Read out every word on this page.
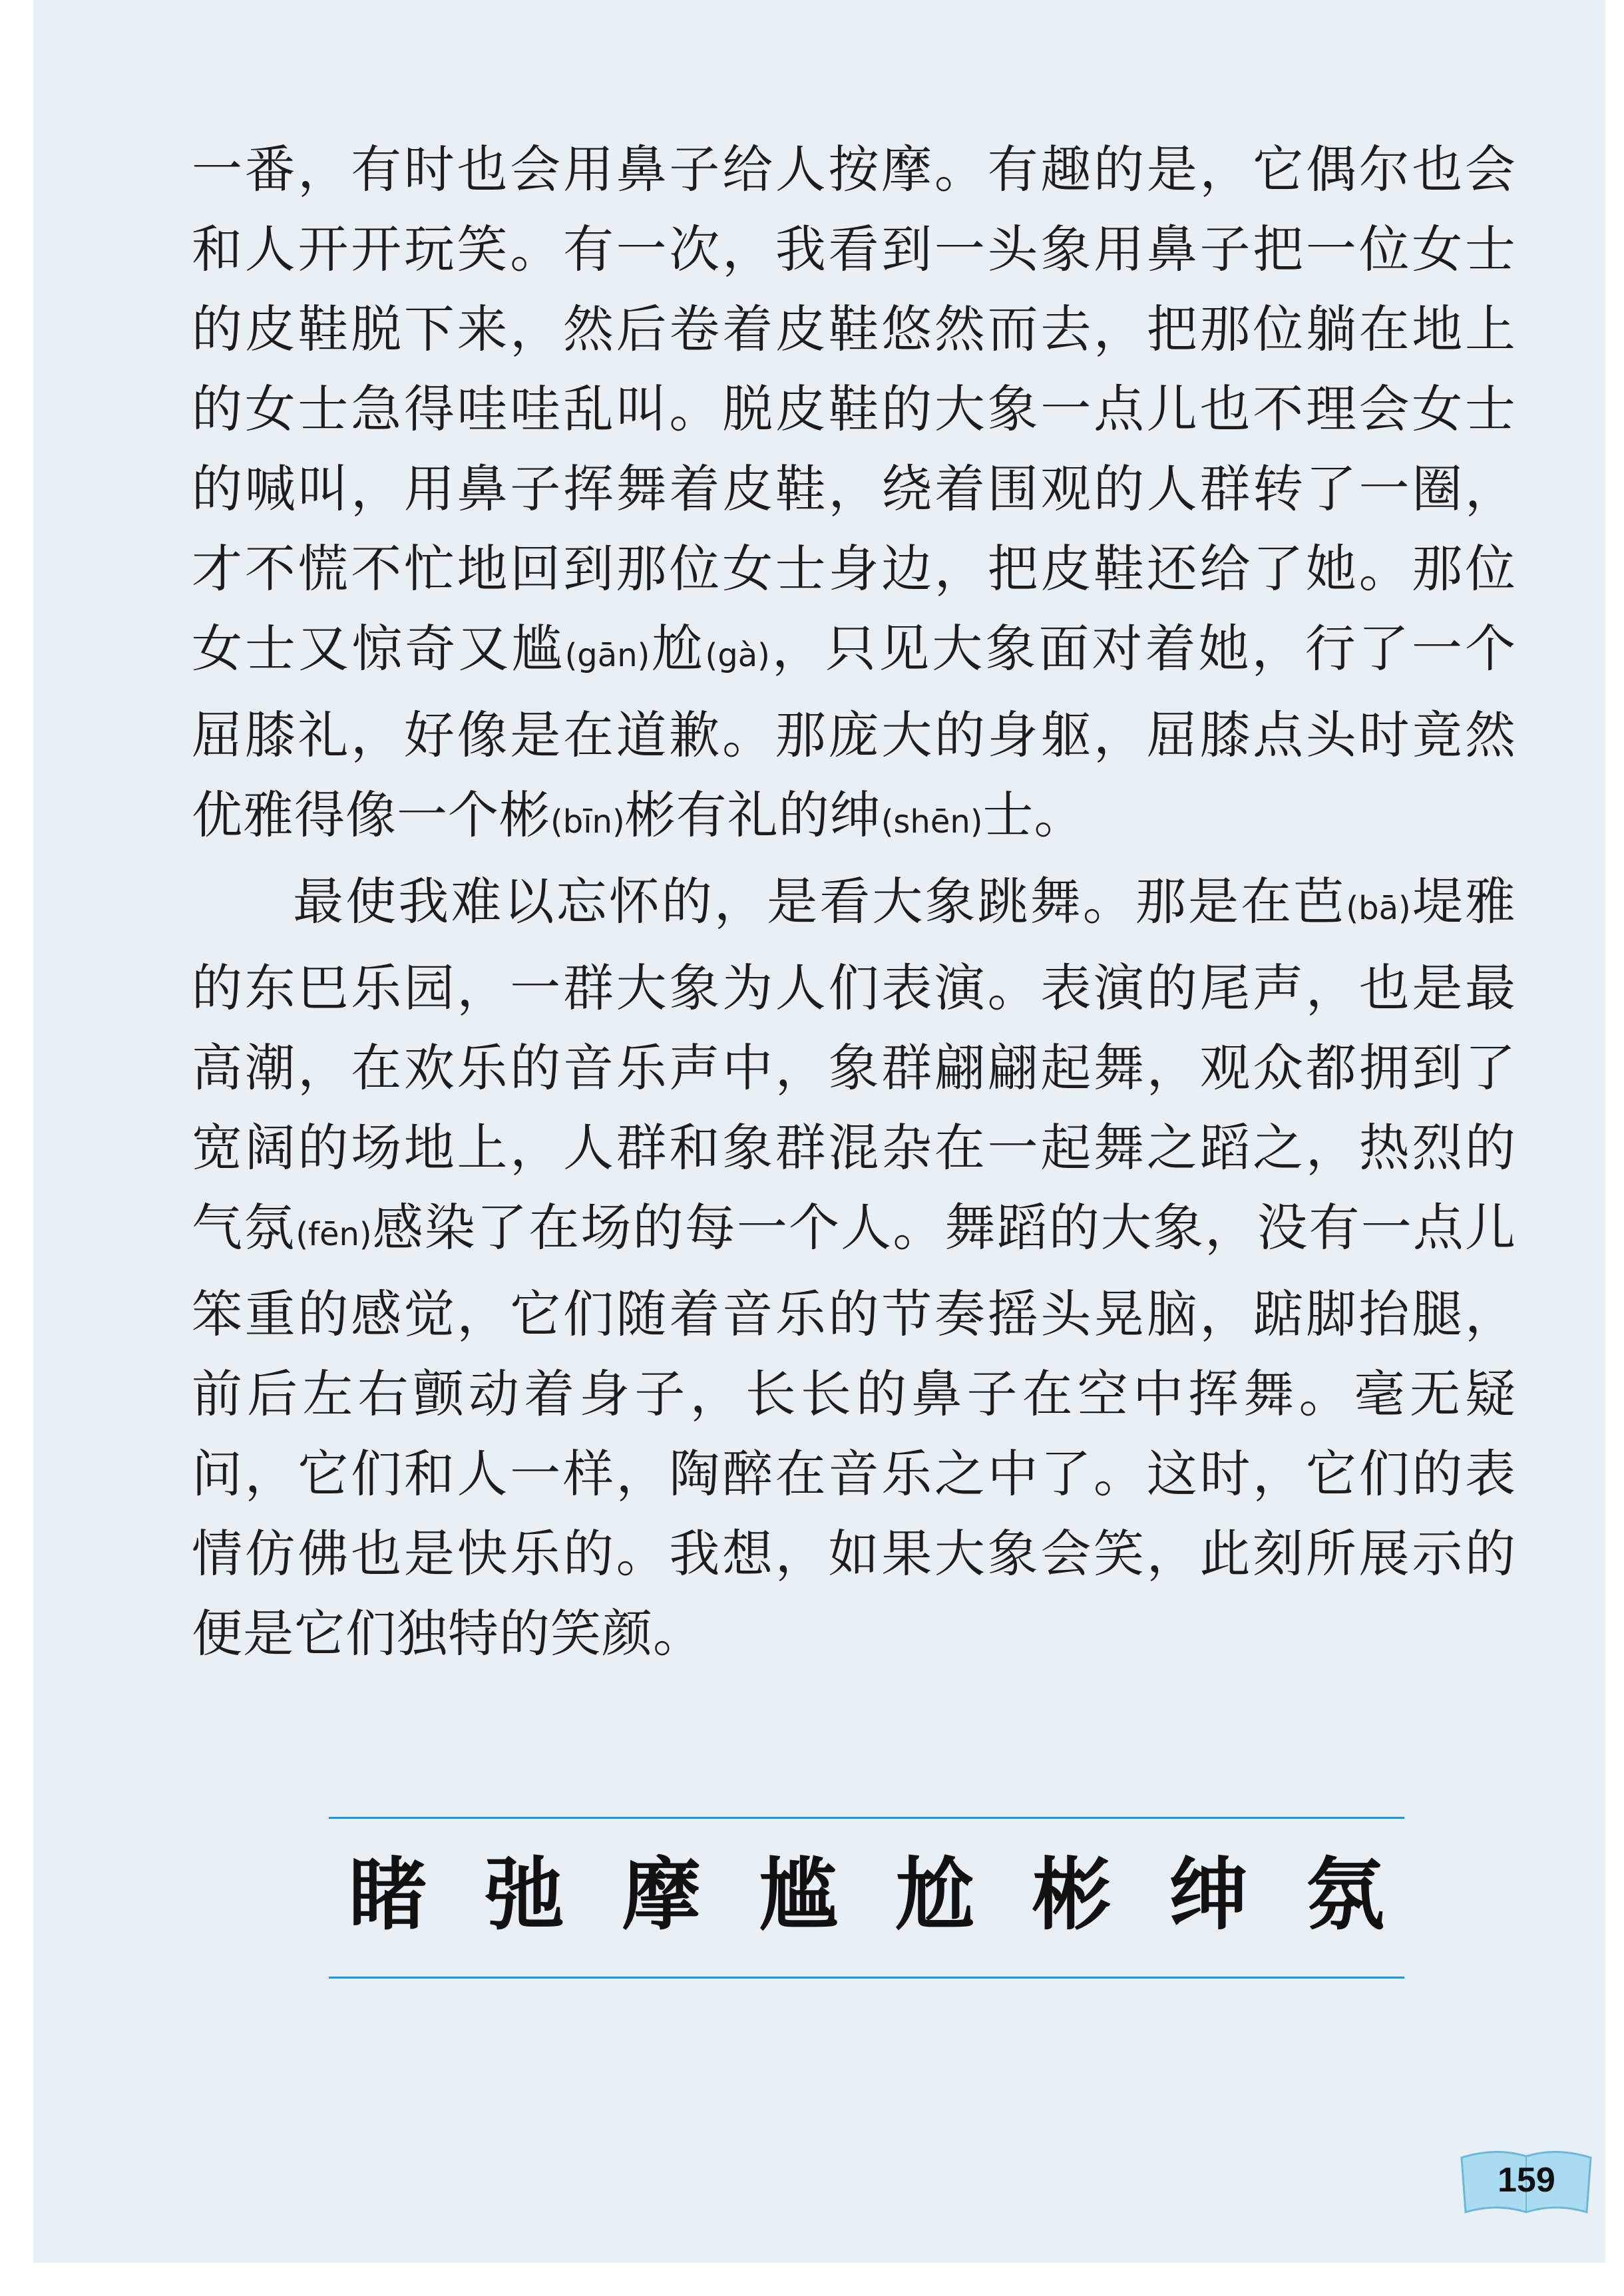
一番，有时也会用鼻子给人按摩。有趣的是，它偶尔也会和人开开玩笑。有一次，我看到一头象用鼻子把一位女士的皮鞋脱下来，然后卷着皮鞋悠然而去，把那位躺在地上的女士急得哇哇乱叫。脱皮鞋的大象一点儿也不理会女士的喊叫，用鼻子挥舞着皮鞋，绕着围观的人群转了一圈，才不慌不忙地回到那位女士身边，把皮鞋还给了她。那位女士又惊奇又尴(gān)尬(gà)，只见大象面对着她，行了一个屈膝礼，好像是在道歉。那庞大的身躯，屈膝点头时竟然优雅得像一个彬(bīn)彬有礼的绅(shēn)士。

最使我难以忘怀的，是看大象跳舞。那是在芭(bā)堤雅的东巴乐园，一群大象为人们表演。表演的尾声，也是最高潮，在欢乐的音乐声中，象群翩翩起舞，观众都拥到了宽阔的场地上，人群和象群混杂在一起舞之蹈之，热烈的气氛(fēn)感染了在场的每一个人。舞蹈的大象，没有一点儿笨重的感觉，它们随着音乐的节奏摇头晃脑，踮脚抬腿，前后左右颤动着身子，长长的鼻子在空中挥舞。毫无疑问，它们和人一样，陶醉在音乐之中了。这时，它们的表情仿佛也是快乐的。我想，如果大象会笑，此刻所展示的便是它们独特的笑颜。

睹 弛 摩 尴 尬 彬 绅 氛
159
